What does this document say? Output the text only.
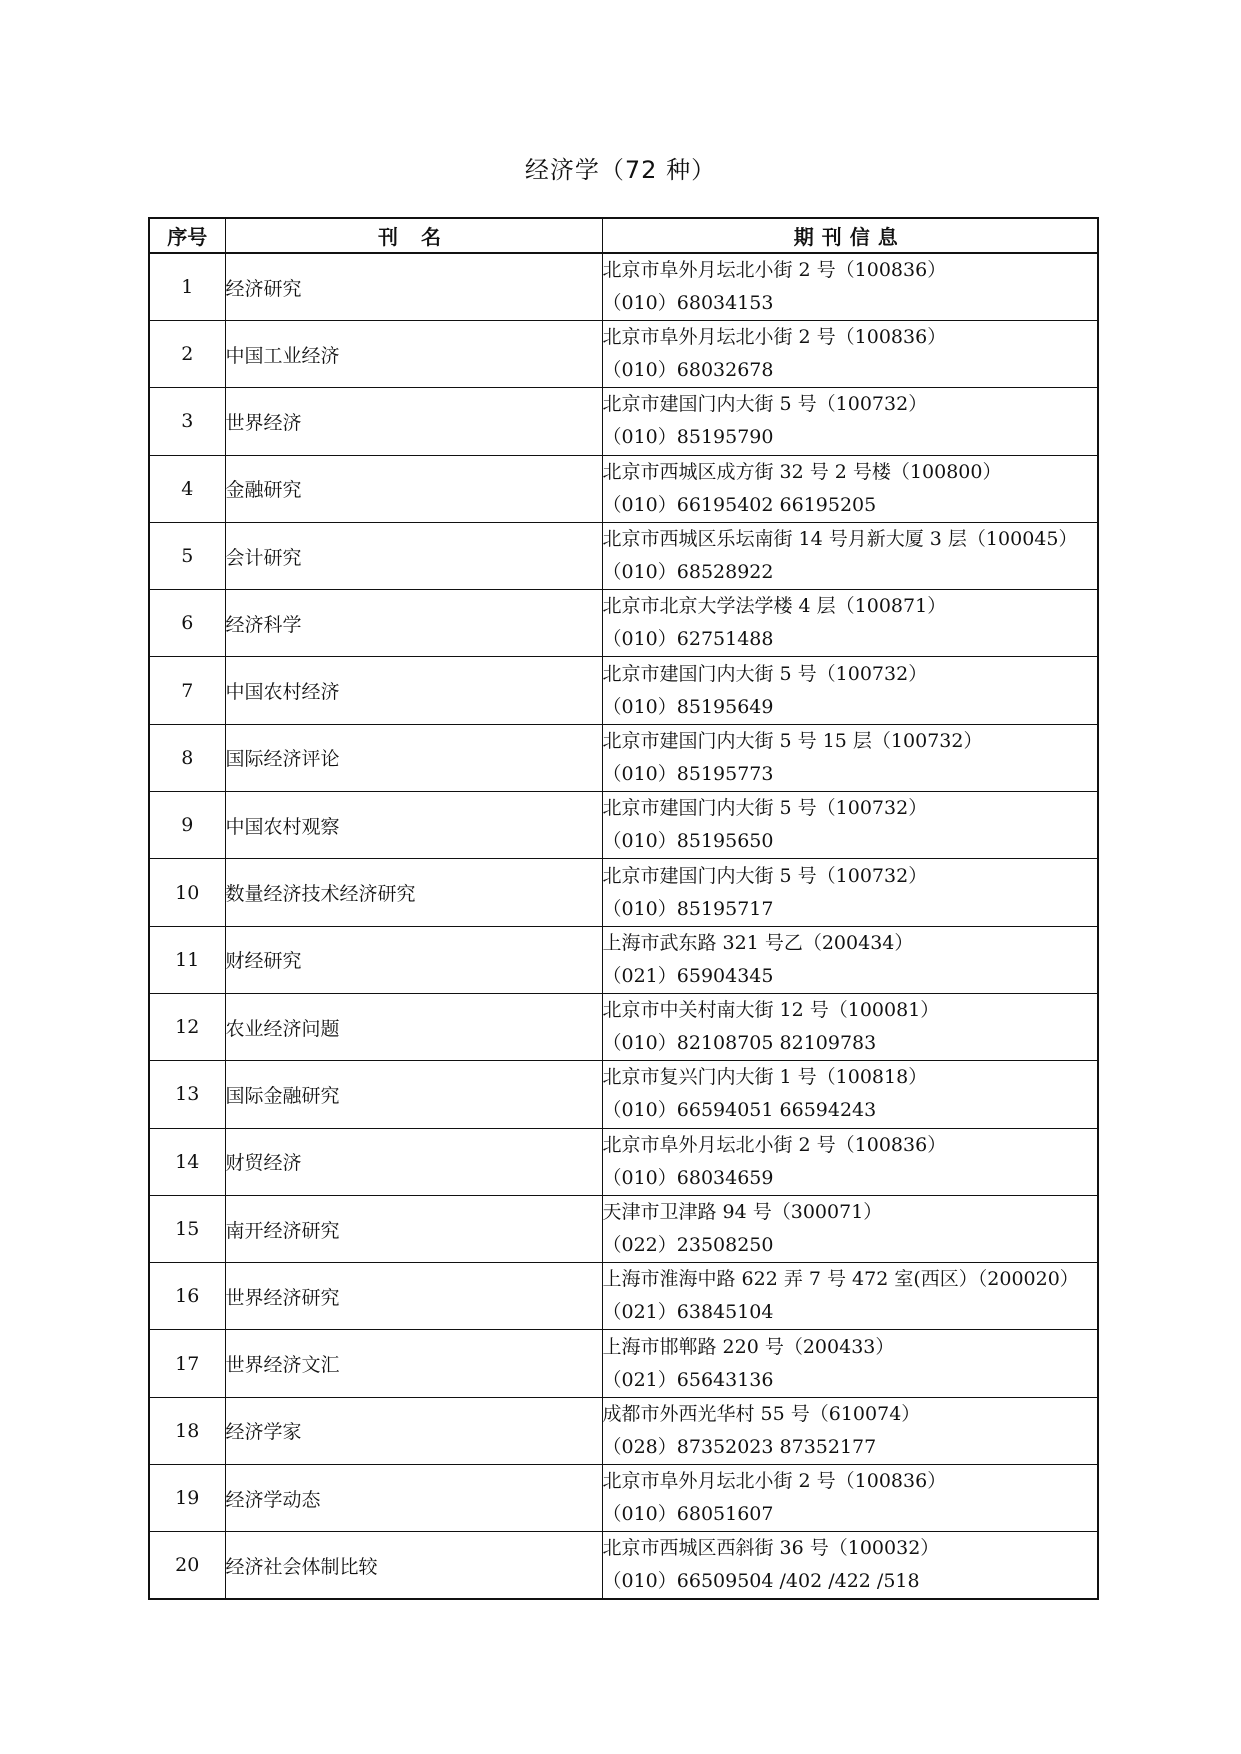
经济学（72 种）
序号	刊 名	期刊信息
1	经济研究	北京市阜外月坛北小街 2 号（100836）
（010）68034153

2	中国工业经济	北京市阜外月坛北小街 2 号（100836）
（010）68032678

3	世界经济	北京市建国门内大街 5 号（100732）
（010）85195790

4	金融研究	北京市西城区成方街 32 号 2 号楼（100800）
（010）66195402 66195205

5	会计研究	北京市西城区乐坛南街 14 号月新大厦 3 层（100045）
（010）68528922

6	经济科学	北京市北京大学法学楼 4 层（100871）
（010）62751488

7	中国农村经济	北京市建国门内大街 5 号（100732）
（010）85195649

8	国际经济评论	北京市建国门内大街 5 号 15 层（100732）
（010）85195773

9	中国农村观察	北京市建国门内大街 5 号（100732）
（010）85195650

10	数量经济技术经济研究	北京市建国门内大街 5 号（100732）
（010）85195717

11	财经研究	上海市武东路 321 号乙（200434）
（021）65904345

12	农业经济问题	北京市中关村南大街 12 号（100081）
（010）82108705 82109783

13	国际金融研究	北京市复兴门内大街 1 号（100818）
（010）66594051 66594243

14	财贸经济	北京市阜外月坛北小街 2 号（100836）
（010）68034659

15	南开经济研究	天津市卫津路 94 号（300071）
（022）23508250

16	世界经济研究	上海市淮海中路 622 弄 7 号 472 室(西区）（200020）
（021）63845104

17	世界经济文汇	上海市邯郸路 220 号（200433）
（021）65643136

18	经济学家	成都市外西光华村 55 号（610074）
（028）87352023 87352177

19	经济学动态	北京市阜外月坛北小街 2 号（100836）
（010）68051607

20	经济社会体制比较	北京市西城区西斜街 36 号（100032）
（010）66509504 /402 /422 /518
